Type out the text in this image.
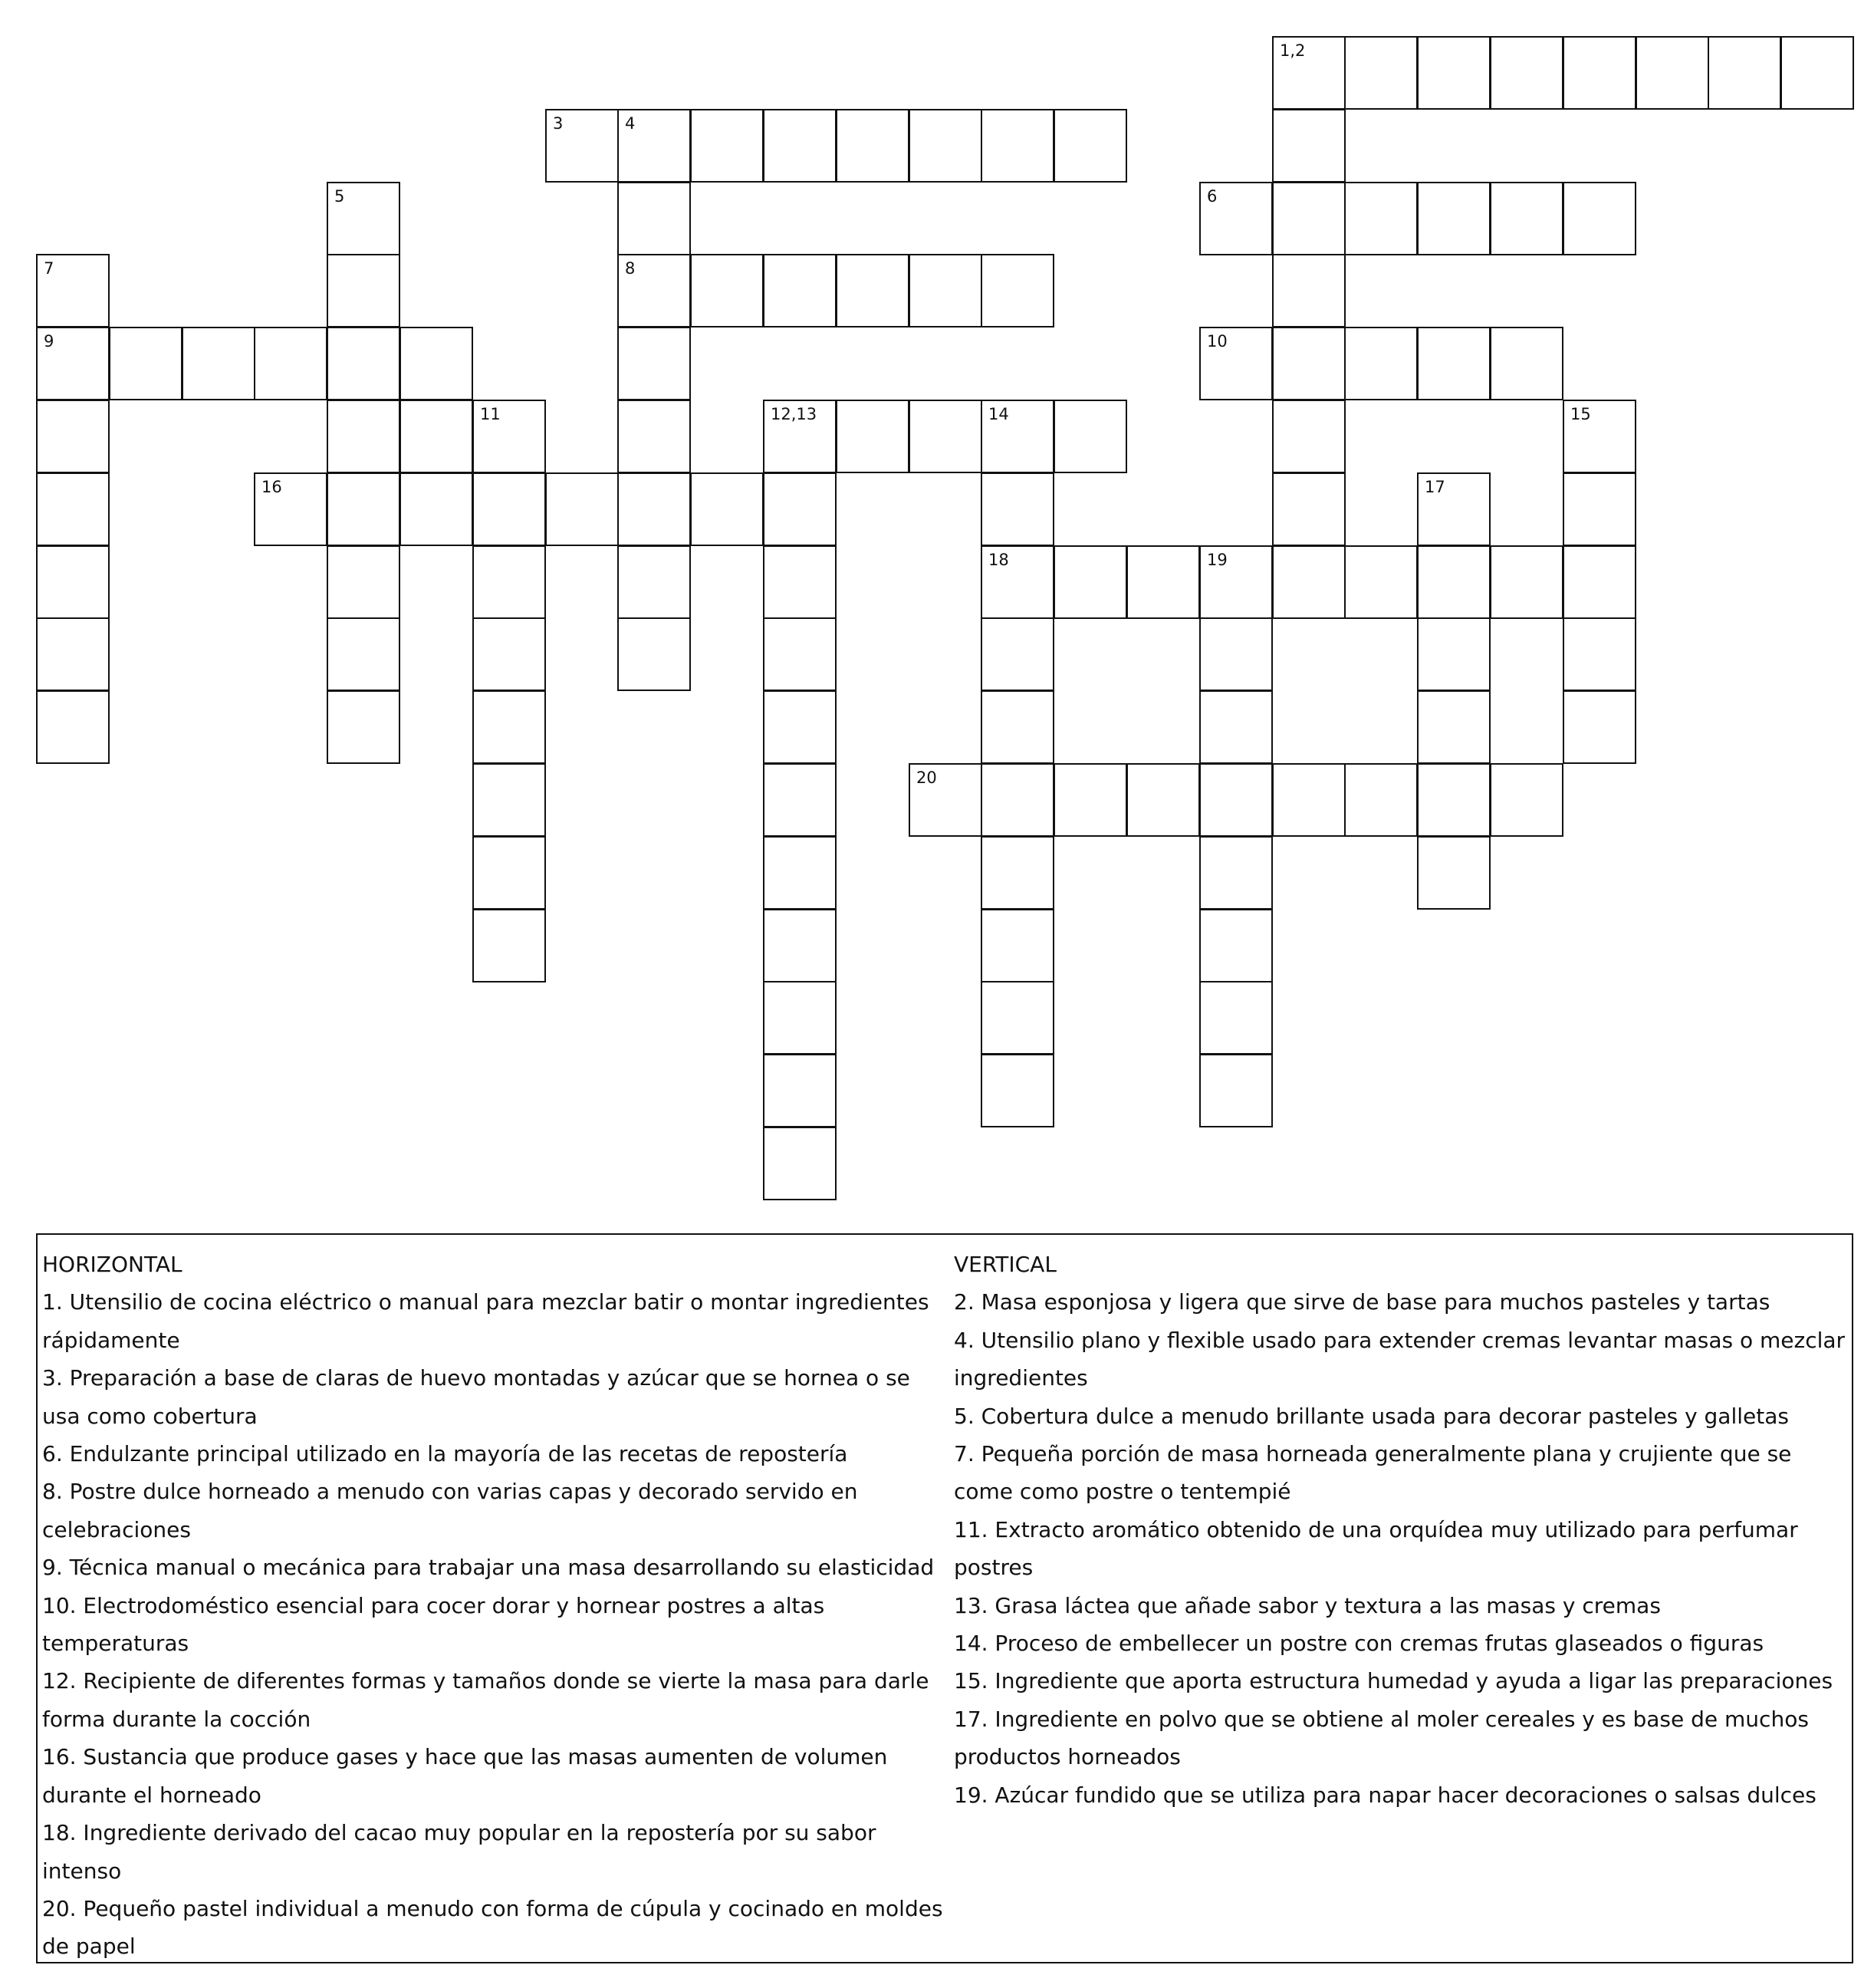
1,2
3	4
5	6
7	8
9	10
11	12,13	14	15
16	17
18	19
20

HORIZONTAL

1. Utensilio de cocina eléctrico o manual para mezclar batir o montar ingredientes rápidamente

3. Preparación a base de claras de huevo montadas y azúcar que se hornea o se usa como cobertura

6. Endulzante principal utilizado en la mayoría de las recetas de repostería

8. Postre dulce horneado a menudo con varias capas y decorado servido en celebraciones

9. Técnica manual o mecánica para trabajar una masa desarrollando su elasticidad

10. Electrodoméstico esencial para cocer dorar y hornear postres a altas temperaturas

12. Recipiente de diferentes formas y tamaños donde se vierte la masa para darle forma durante la cocción

16. Sustancia que produce gases y hace que las masas aumenten de volumen durante el horneado

18. Ingrediente derivado del cacao muy popular en la repostería por su sabor intenso

20. Pequeño pastel individual a menudo con forma de cúpula y cocinado en moldes de papel

VERTICAL

2. Masa esponjosa y ligera que sirve de base para muchos pasteles y tartas

4. Utensilio plano y flexible usado para extender cremas levantar masas o mezclar ingredientes

5. Cobertura dulce a menudo brillante usada para decorar pasteles y galletas

7. Pequeña porción de masa horneada generalmente plana y crujiente que se come como postre o tentempié

11. Extracto aromático obtenido de una orquídea muy utilizado para perfumar postres

13. Grasa láctea que añade sabor y textura a las masas y cremas

14. Proceso de embellecer un postre con cremas frutas glaseados o figuras

15. Ingrediente que aporta estructura humedad y ayuda a ligar las preparaciones

17. Ingrediente en polvo que se obtiene al moler cereales y es base de muchos productos horneados

19. Azúcar fundido que se utiliza para napar hacer decoraciones o salsas dulces
